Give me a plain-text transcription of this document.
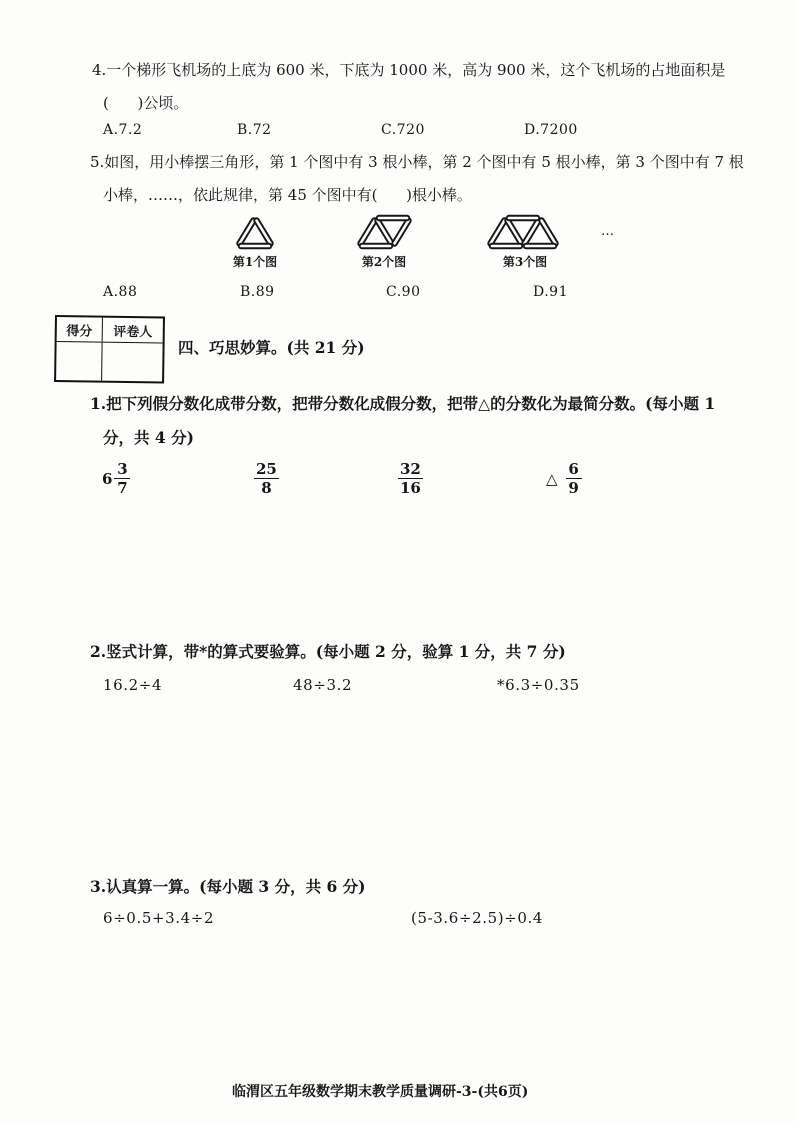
4.一个梯形飞机场的上底为 600 米，下底为 1000 米，高为 900 米，这个飞机场的占地面积是
(      )公顷。
A.7.2	B.72	C.720	D.7200
5.如图，用小棒摆三角形，第 1 个图中有 3 根小棒，第 2 个图中有 5 根小棒，第 3 个图中有 7 根
小棒，……，依此规律，第 45 个图中有(      )根小棒。
…
第1个图	第2个图	第3个图
A.88	B.89	C.90	D.91
得分	评卷人
四、巧思妙算。(共 21 分)
1.把下列假分数化成带分数，把带分数化成假分数，把带△的分数化为最简分数。(每小题 1
分，共 4 分)
$6 \frac{3}{7}$	$\frac{25}{8}$	$\frac{32}{16}$	△ $\frac{6}{9}$
2.竖式计算，带*的算式要验算。(每小题 2 分，验算 1 分，共 7 分)
16.2÷4	48÷3.2	*6.3÷0.35
3.认真算一算。(每小题 3 分，共 6 分)
6÷0.5+3.4÷2	(5-3.6÷2.5)÷0.4
临渭区五年级数学期末教学质量调研-3-(共6页)
